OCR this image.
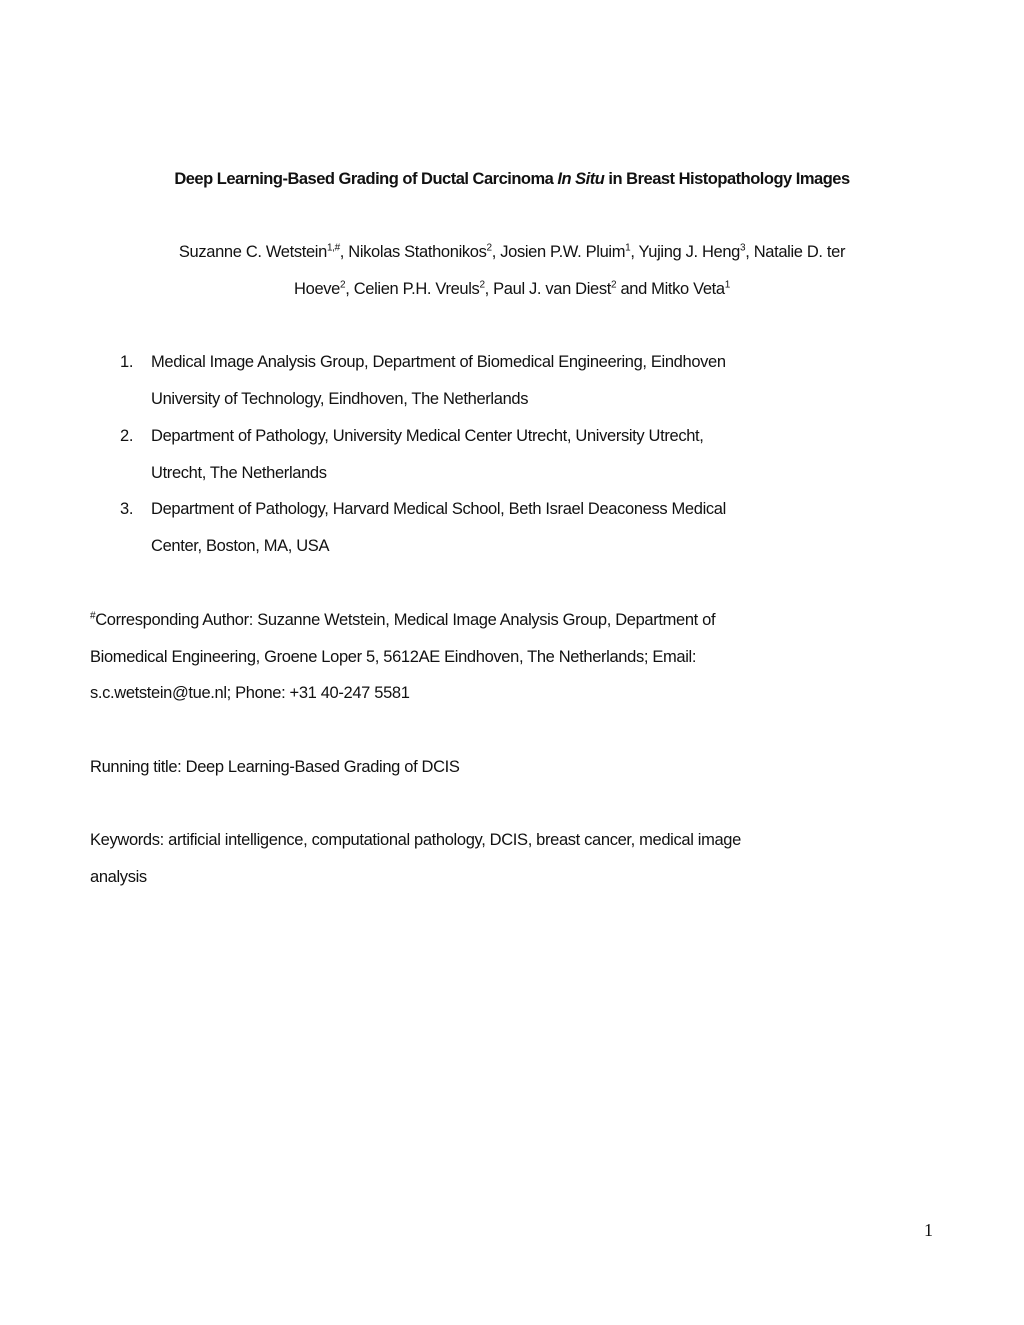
Deep Learning-Based Grading of Ductal Carcinoma In Situ in Breast Histopathology Images
Suzanne C. Wetstein$^{1,\#}$, Nikolas Stathonikos$^2$, Josien P.W. Pluim$^1$, Yujing J. Heng$^3$, Natalie D. ter
Hoeve$^2$, Celien P.H. Vreuls$^2$, Paul J. van Diest$^2$ and Mitko Veta$^1$
1. Medical Image Analysis Group, Department of Biomedical Engineering, Eindhoven
University of Technology, Eindhoven, The Netherlands
2. Department of Pathology, University Medical Center Utrecht, University Utrecht,
Utrecht, The Netherlands
3. Department of Pathology, Harvard Medical School, Beth Israel Deaconess Medical
Center, Boston, MA, USA
#Corresponding Author: Suzanne Wetstein, Medical Image Analysis Group, Department of
Biomedical Engineering, Groene Loper 5, 5612AE Eindhoven, The Netherlands; Email:
s.c.wetstein@tue.nl; Phone: +31 40-247 5581
Running title: Deep Learning-Based Grading of DCIS
Keywords: artificial intelligence, computational pathology, DCIS, breast cancer, medical image
analysis
1
